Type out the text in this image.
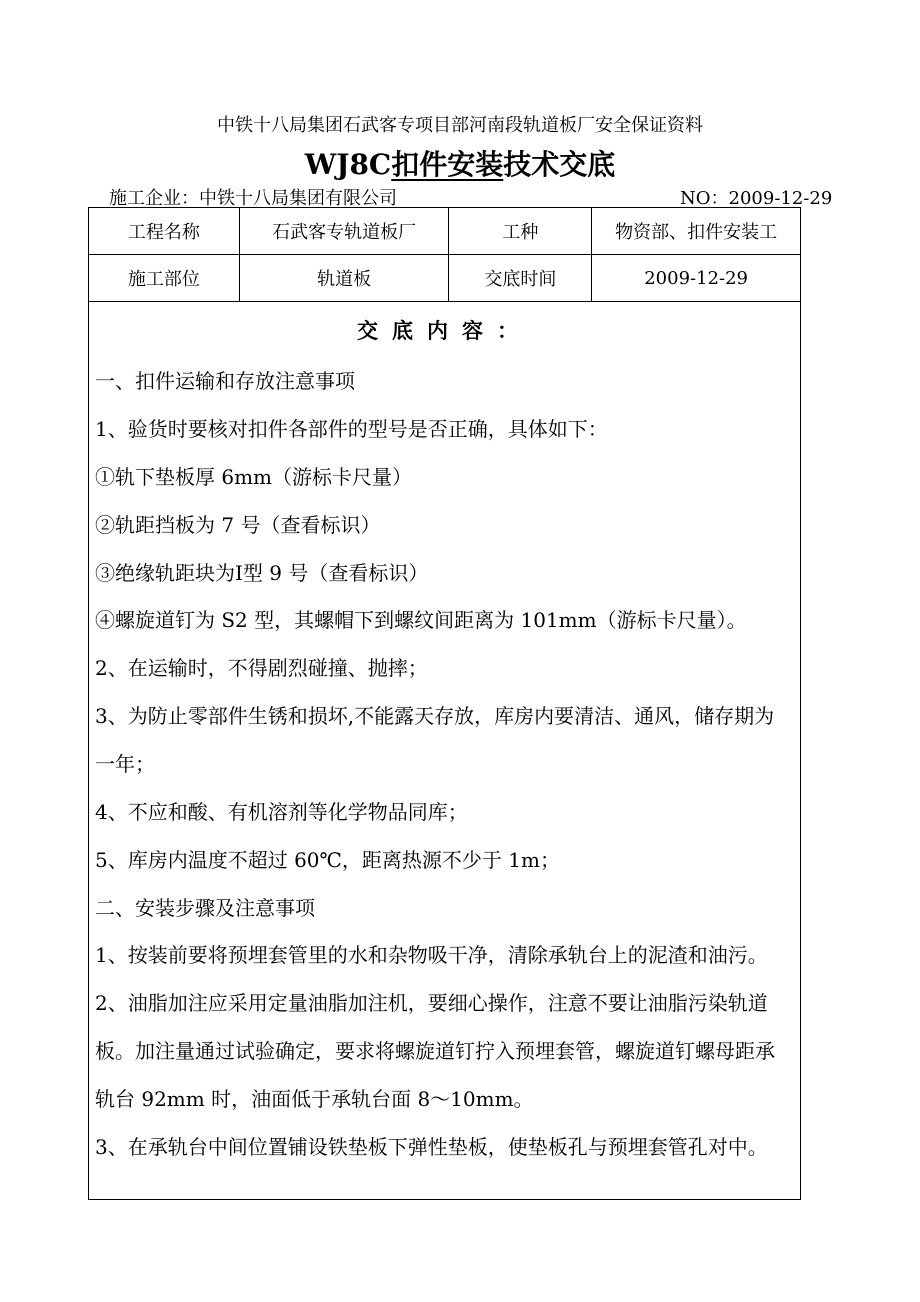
中铁十八局集团石武客专项目部河南段轨道板厂安全保证资料
WJ8C扣件安装技术交底
施工企业：中铁十八局集团有限公司	NO：2009-12-29
工程名称	石武客专轨道板厂	工种	物资部、扣件安装工
施工部位	轨道板	交底时间	2009-12-29
交底内容：
一、扣件运输和存放注意事项
1、验货时要核对扣件各部件的型号是否正确，具体如下：
①轨下垫板厚 6mm（游标卡尺量）
②轨距挡板为 7 号（查看标识）
③绝缘轨距块为Ⅰ型 9 号（查看标识）
④螺旋道钉为 S2 型，其螺帽下到螺纹间距离为 101mm（游标卡尺量）。
2、在运输时，不得剧烈碰撞、抛摔；
3、为防止零部件生锈和损坏,不能露天存放，库房内要清洁、通风，储存期为
一年；
4、不应和酸、有机溶剂等化学物品同库；
5、库房内温度不超过 60℃，距离热源不少于 1m；
二、安装步骤及注意事项
1、按装前要将预埋套管里的水和杂物吸干净，清除承轨台上的泥渣和油污。
2、油脂加注应采用定量油脂加注机，要细心操作，注意不要让油脂污染轨道
板。加注量通过试验确定，要求将螺旋道钉拧入预埋套管，螺旋道钉螺母距承
轨台 92mm 时，油面低于承轨台面 8～10mm。
3、在承轨台中间位置铺设铁垫板下弹性垫板，使垫板孔与预埋套管孔对中。
